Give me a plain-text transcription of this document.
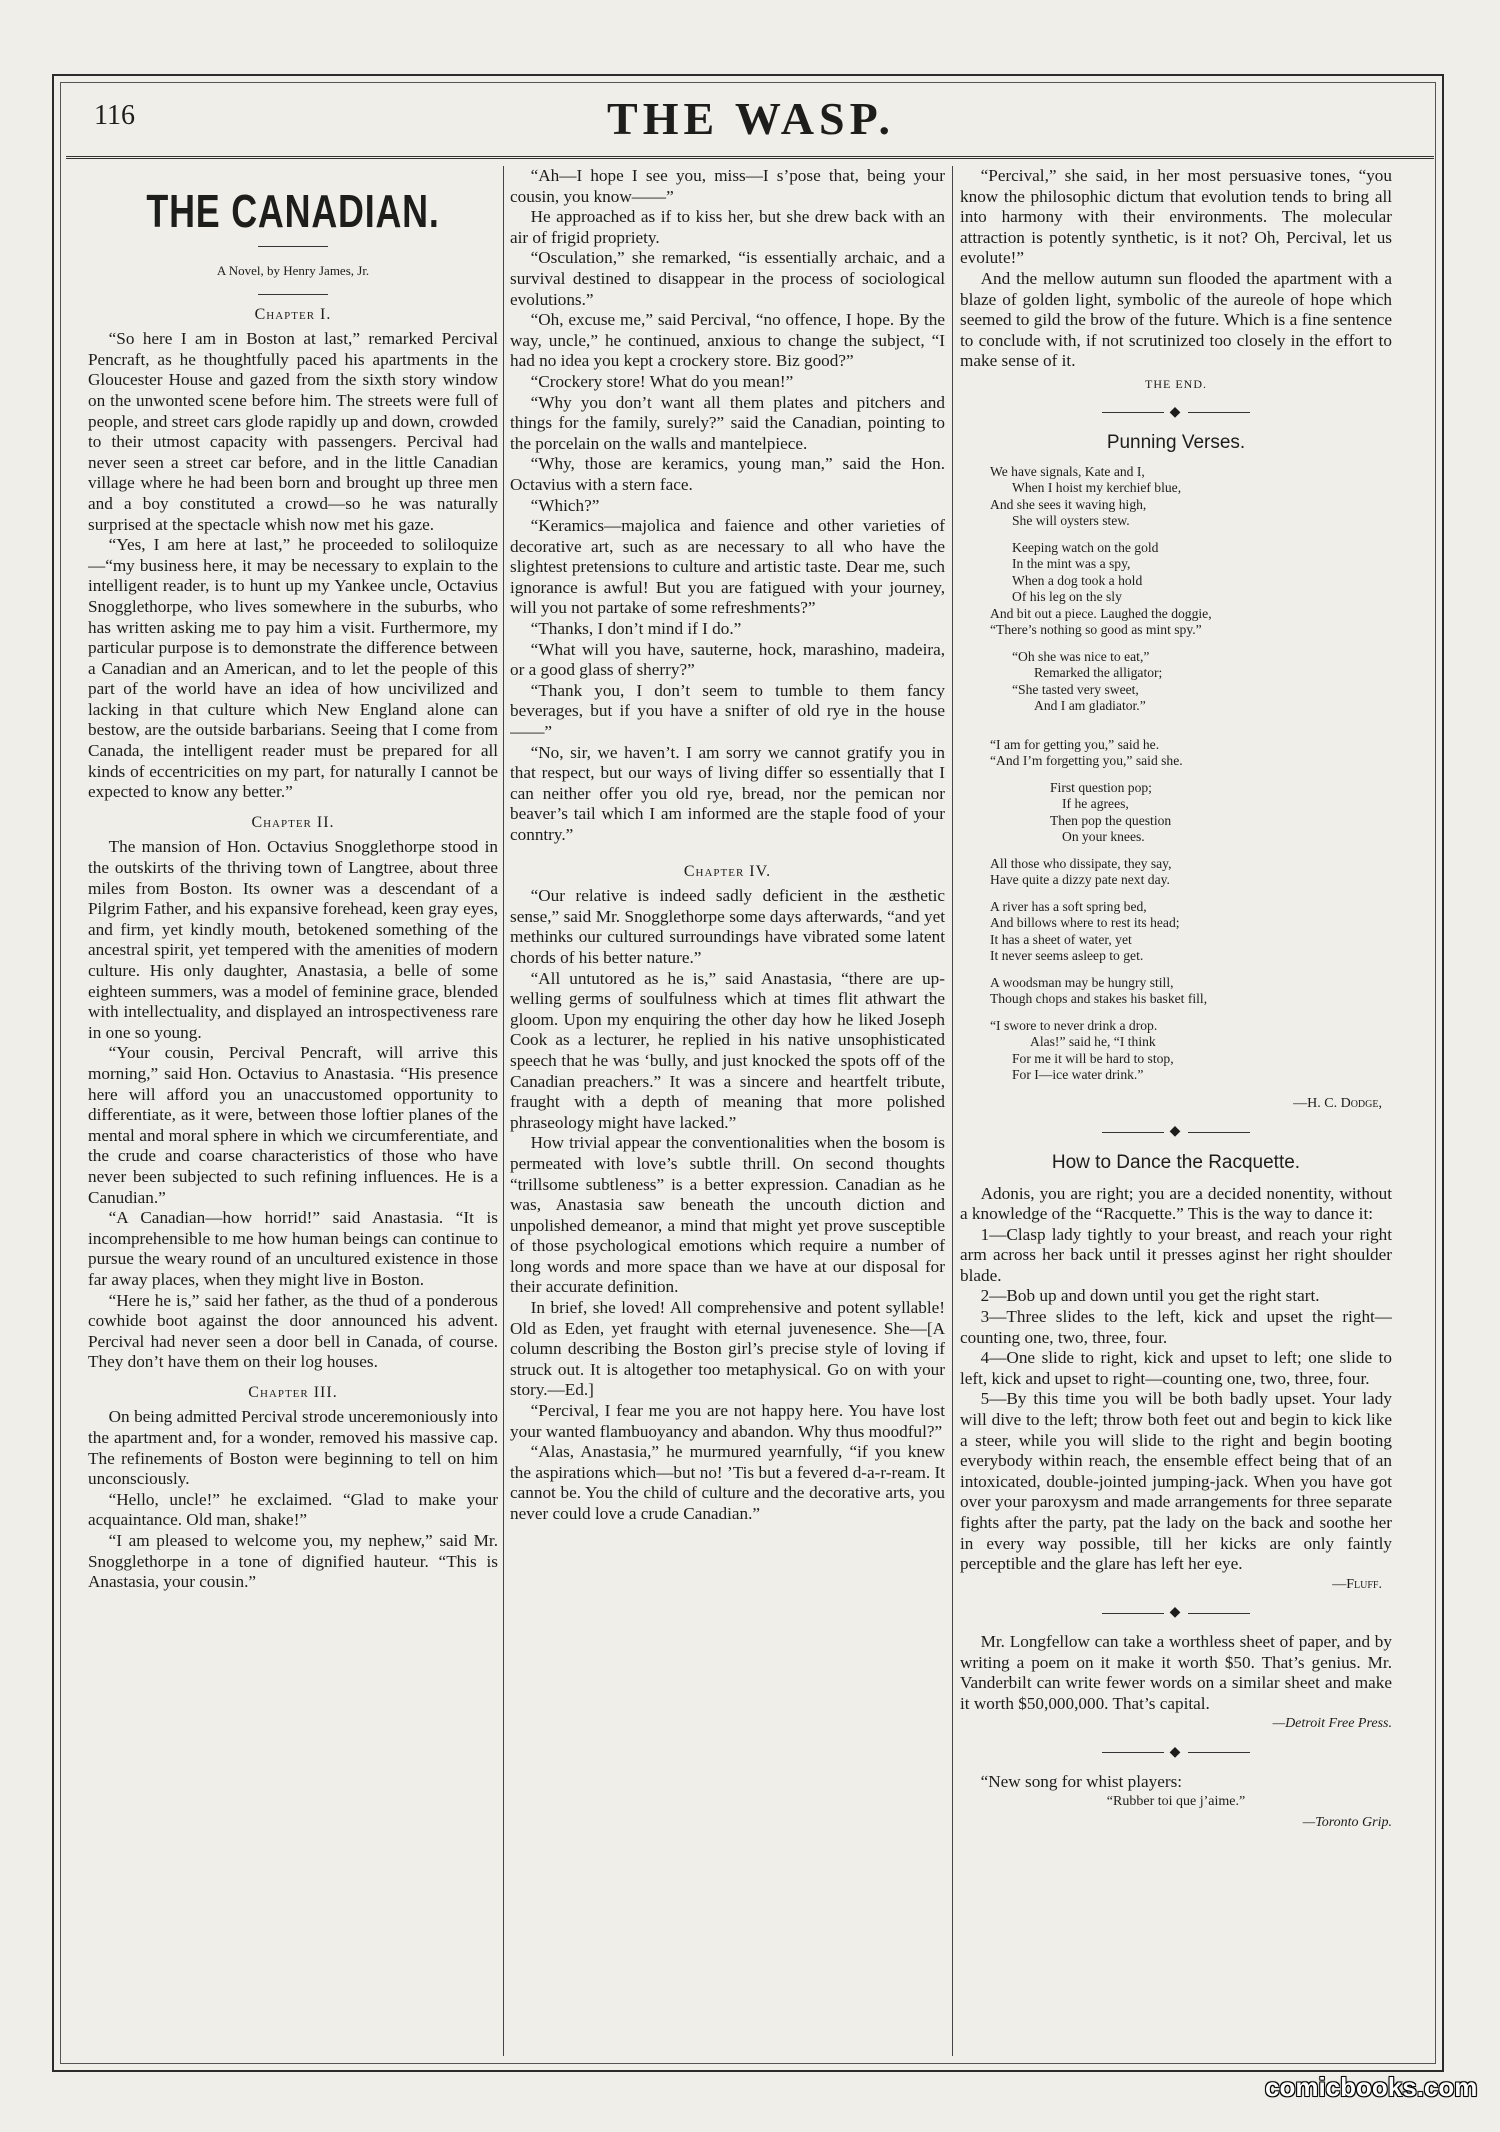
116	THE WASP.
THE CANADIAN.

A Novel, by Henry James, Jr.

Chapter I.

“So here I am in Boston at last,” remarked Percival Pencraft, as he thoughtfully paced his apartments in the Gloucester House and gazed from the sixth story window on the unwonted scene before him. The streets were full of people, and street cars glode rapidly up and down, crowded to their utmost capacity with passengers. Percival had never seen a street car before, and in the little Canadian village where he had been born and brought up three men and a boy constituted a crowd—so he was naturally surprised at the spectacle whish now met his gaze.

“Yes, I am here at last,” he proceeded to soliloquize—“my business here, it may be necessary to explain to the intelligent reader, is to hunt up my Yankee uncle, Octavius Snogglethorpe, who lives somewhere in the suburbs, who has written asking me to pay him a visit. Furthermore, my particular purpose is to demonstrate the difference between a Canadian and an American, and to let the people of this part of the world have an idea of how uncivilized and lacking in that culture which New England alone can bestow, are the outside barbarians. Seeing that I come from Canada, the intelligent reader must be prepared for all kinds of eccentricities on my part, for naturally I cannot be expected to know any better.”

Chapter II.

The mansion of Hon. Octavius Snogglethorpe stood in the outskirts of the thriving town of Langtree, about three miles from Boston. Its owner was a descendant of a Pilgrim Father, and his expansive forehead, keen gray eyes, and firm, yet kindly mouth, betokened something of the ancestral spirit, yet tempered with the amenities of modern culture. His only daughter, Anastasia, a belle of some eighteen summers, was a model of feminine grace, blended with intellectuality, and displayed an introspectiveness rare in one so young.

“Your cousin, Percival Pencraft, will arrive this morning,” said Hon. Octavius to Anastasia. “His presence here will afford you an unaccustomed opportunity to differentiate, as it were, between those loftier planes of the mental and moral sphere in which we circumferentiate, and the crude and coarse characteristics of those who have never been subjected to such refining influences. He is a Canudian.”

“A Canadian—how horrid!” said Anastasia. “It is incomprehensible to me how human beings can continue to pursue the weary round of an uncultured existence in those far away places, when they might live in Boston.

“Here he is,” said her father, as the thud of a ponderous cowhide boot against the door announced his advent. Percival had never seen a door bell in Canada, of course. They don’t have them on their log houses.

Chapter III.

On being admitted Percival strode unceremoniously into the apartment and, for a wonder, removed his massive cap. The refinements of Boston were beginning to tell on him unconsciously.

“Hello, uncle!” he exclaimed. “Glad to make your acquaintance. Old man, shake!”

“I am pleased to welcome you, my nephew,” said Mr. Snogglethorpe in a tone of dignified hauteur. “This is Anastasia, your cousin.”

“Ah—I hope I see you, miss—I s’pose that, being your cousin, you know——”

He approached as if to kiss her, but she drew back with an air of frigid propriety.

“Osculation,” she remarked, “is essentially archaic, and a survival destined to disappear in the process of sociological evolutions.”

“Oh, excuse me,” said Percival, “no offence, I hope. By the way, uncle,” he continued, anxious to change the subject, “I had no idea you kept a crockery store. Biz good?”

“Crockery store! What do you mean!”

“Why you don’t want all them plates and pitchers and things for the family, surely?” said the Canadian, pointing to the porcelain on the walls and mantelpiece.

“Why, those are keramics, young man,” said the Hon. Octavius with a stern face.

“Which?”

“Keramics—majolica and faience and other varieties of decorative art, such as are necessary to all who have the slightest pretensions to culture and artistic taste. Dear me, such ignorance is awful! But you are fatigued with your journey, will you not partake of some refreshments?”

“Thanks, I don’t mind if I do.”

“What will you have, sauterne, hock, marashino, madeira, or a good glass of sherry?”

“Thank you, I don’t seem to tumble to them fancy beverages, but if you have a snifter of old rye in the house——”

“No, sir, we haven’t. I am sorry we cannot gratify you in that respect, but our ways of living differ so essentially that I can neither offer you old rye, bread, nor the pemican nor beaver’s tail which I am informed are the staple food of your conntry.”

Chapter IV.

“Our relative is indeed sadly deficient in the æsthetic sense,” said Mr. Snogglethorpe some days afterwards, “and yet methinks our cultured surroundings have vibrated some latent chords of his better nature.”

“All untutored as he is,” said Anastasia, “there are up-welling germs of soulfulness which at times flit athwart the gloom. Upon my enquiring the other day how he liked Joseph Cook as a lecturer, he replied in his native unsophisticated speech that he was ‘bully, and just knocked the spots off of the Canadian preachers.” It was a sincere and heartfelt tribute, fraught with a depth of meaning that more polished phraseology might have lacked.”

How trivial appear the conventionalities when the bosom is permeated with love’s subtle thrill. On second thoughts “trillsome subtleness” is a better expression. Canadian as he was, Anastasia saw beneath the uncouth diction and unpolished demeanor, a mind that might yet prove susceptible of those psychological emotions which require a number of long words and more space than we have at our disposal for their accurate definition.

In brief, she loved! All comprehensive and potent syllable! Old as Eden, yet fraught with eternal juvenesence. She—[A column describing the Boston girl’s precise style of loving if struck out. It is altogether too metaphysical. Go on with your story.—Ed.]

“Percival, I fear me you are not happy here. You have lost your wanted flambuoyancy and abandon. Why thus moodful?”

“Alas, Anastasia,” he murmured yearnfully, “if you knew the aspirations which—but no! ’Tis but a fevered d-a-r-ream. It cannot be. You the child of culture and the decorative arts, you never could love a crude Canadian.”

“Percival,” she said, in her most persuasive tones, “you know the philosophic dictum that evolution tends to bring all into harmony with their environments. The molecular attraction is potently synthetic, is it not? Oh, Percival, let us evolute!”

And the mellow autumn sun flooded the apartment with a blaze of golden light, symbolic of the aureole of hope which seemed to gild the brow of the future. Which is a fine sentence to conclude with, if not scrutinized too closely in the effort to make sense of it.

THE END.

◆

Punning Verses.

We have signals, Kate and I,
When I hoist my kerchief blue,
And she sees it waving high,
She will oysters stew.
Keeping watch on the gold
In the mint was a spy,
When a dog took a hold
Of his leg on the sly
And bit out a piece. Laughed the doggie,
“There’s nothing so good as mint spy.”
“Oh she was nice to eat,”
Remarked the alligator;
“She tasted very sweet,
And I am gladiator.”
“I am for getting you,” said he.
“And I’m forgetting you,” said she.
First question pop;
If he agrees,
Then pop the question
On your knees.
All those who dissipate, they say,
Have quite a dizzy pate next day.
A river has a soft spring bed,
And billows where to rest its head;
It has a sheet of water, yet
It never seems asleep to get.
A woodsman may be hungry still,
Though chops and stakes his basket fill,
“I swore to never drink a drop.
Alas!” said he, “I think
For me it will be hard to stop,
For I—ice water drink.”

—H. C. Dodge,

◆

How to Dance the Racquette.

Adonis, you are right; you are a decided nonentity, without a knowledge of the “Racquette.” This is the way to dance it:

1—Clasp lady tightly to your breast, and reach your right arm across her back until it presses aginst her right shoulder blade.

2—Bob up and down until you get the right start.

3—Three slides to the left, kick and upset the right—counting one, two, three, four.

4—One slide to right, kick and upset to left; one slide to left, kick and upset to right—counting one, two, three, four.

5—By this time you will be both badly upset. Your lady will dive to the left; throw both feet out and begin to kick like a steer, while you will slide to the right and begin booting everybody within reach, the ensemble effect being that of an intoxicated, double-jointed jumping-jack. When you have got over your paroxysm and made arrangements for three separate fights after the party, pat the lady on the back and soothe her in every way possible, till her kicks are only faintly perceptible and the glare has left her eye.

—Fluff.

◆

Mr. Longfellow can take a worthless sheet of paper, and by writing a poem on it make it worth $50. That’s genius. Mr. Vanderbilt can write fewer words on a similar sheet and make it worth $50,000,000. That’s capital.

—Detroit Free Press.

◆

“New song for whist players:

“Rubber toi que j’aime.”

—Toronto Grip.

comicbooks.com
